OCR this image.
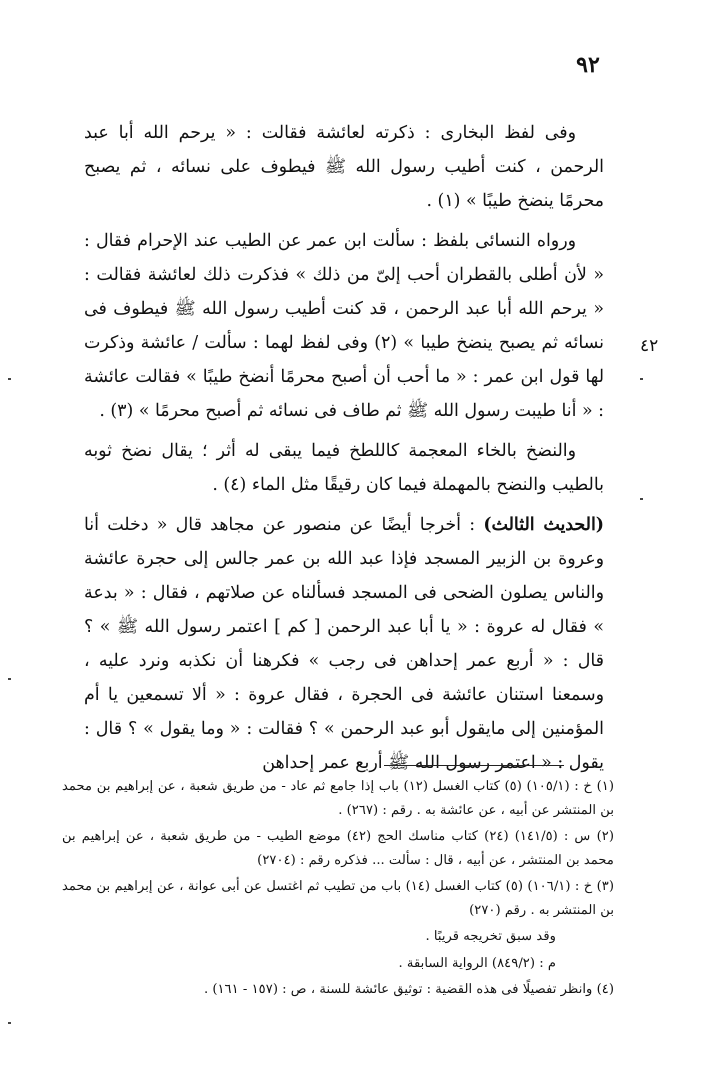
٩٢
٤٢

وفى لفظ البخارى : ذكرته لعائشة فقالت : « يرحم الله أبا عبد الرحمن ، كنت أطيب رسول الله ﷺ فيطوف على نسائه ، ثم يصبح محرمًا ينضخ طيبًا » (١) .

ورواه النسائى بلفظ : سألت ابن عمر عن الطيب عند الإحرام فقال : « لأن أطلى بالقطران أحب إلىّ من ذلك » فذكرت ذلك لعائشة فقالت : « يرحم الله أبا عبد الرحمن ، قد كنت أطيب رسول الله ﷺ فيطوف فى نسائه ثم يصبح ينضخ طيبا » (٢) وفى لفظ لهما : سألت / عائشة وذكرت لها قول ابن عمر : « ما أحب أن أصبح محرمًا أنضخ طيبًا » فقالت عائشة : « أنا طيبت رسول الله ﷺ ثم طاف فى نسائه ثم أصبح محرمًا » (٣) .

والنضخ بالخاء المعجمة كاللطخ فيما يبقى له أثر ؛ يقال نضخ ثوبه بالطيب والنضح بالمهملة فيما كان رقيقًا مثل الماء (٤) .

(الحديث الثالث) : أخرجا أيضًا عن منصور عن مجاهد قال « دخلت أنا وعروة بن الزبير المسجد فإذا عبد الله بن عمر جالس إلى حجرة عائشة والناس يصلون الضحى فى المسجد فسألناه عن صلاتهم ، فقال : « بدعة » فقال له عروة : « يا أبا عبد الرحمن [ كم ] اعتمر رسول الله ﷺ » ؟ قال : « أربع عمر إحداهن فى رجب » فكرهنا أن نكذبه ونرد عليه ، وسمعنا استنان عائشة فى الحجرة ، فقال عروة : « ألا تسمعين يا أم المؤمنين إلى مايقول أبو عبد الرحمن » ؟ فقالت : « وما يقول » ؟ قال : يقول : « اعتمر رسول الله ﷺ أربع عمر إحداهن

(١) خ : (١٠٥/١) (٥) كتاب الغسل (١٢) باب إذا جامع ثم عاد - من طريق شعبة ، عن إبراهيم بن محمد بن المنتشر عن أبيه ، عن عائشة به . رقم : (٢٦٧) .

(٢) س : (١٤١/٥) (٢٤) كتاب مناسك الحج (٤٢) موضع الطيب - من طريق شعبة ، عن إبراهيم بن محمد بن المنتشر ، عن أبيه ، قال : سألت ... فذكره رقم : (٢٧٠٤)

(٣) خ : (١٠٦/١) (٥) كتاب الغسل (١٤) باب من تطيب ثم اغتسل عن أبى عوانة ، عن إبراهيم بن محمد بن المنتشر به . رقم (٢٧٠)

وقد سبق تخريجه قريبًا .

م : (٨٤٩/٢) الرواية السابقة .

(٤) وانظر تفصيلًا فى هذه القضية : توثيق عائشة للسنة ، ص : (١٥٧ - ١٦١) .
